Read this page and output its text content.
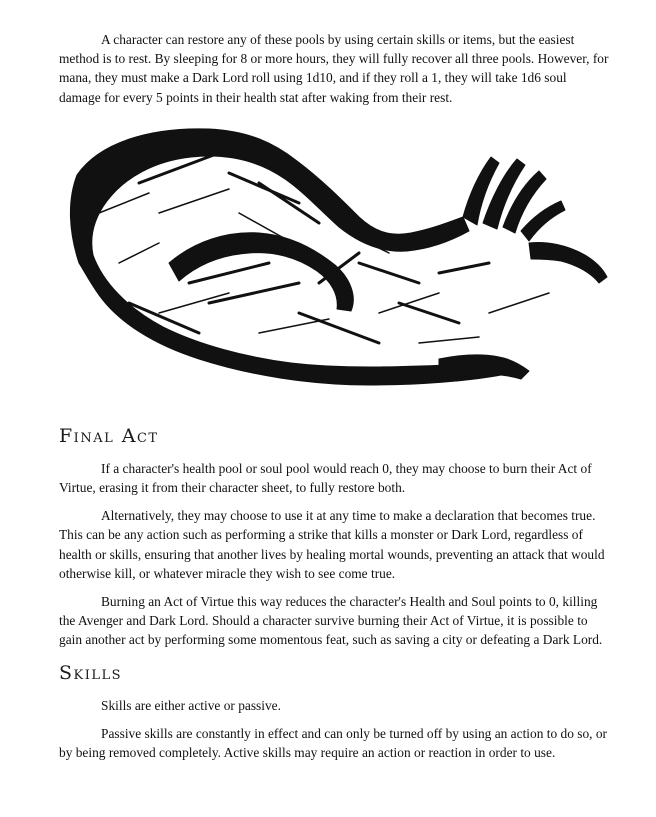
A character can restore any of these pools by using certain skills or items, but the easiest method is to rest. By sleeping for 8 or more hours, they will fully recover all three pools. However, for mana, they must make a Dark Lord roll using 1d10, and if they roll a 1, they will take 1d6 soul damage for every 5 points in their health stat after waking from their rest.

Final Act

If a character's health pool or soul pool would reach 0, they may choose to burn their Act of Virtue, erasing it from their character sheet, to fully restore both.

Alternatively, they may choose to use it at any time to make a declaration that becomes true. This can be any action such as performing a strike that kills a monster or Dark Lord, regardless of health or skills, ensuring that another lives by healing mortal wounds, preventing an attack that would otherwise kill, or whatever miracle they wish to see come true.

Burning an Act of Virtue this way reduces the character's Health and Soul points to 0, killing the Avenger and Dark Lord. Should a character survive burning their Act of Virtue, it is possible to gain another act by performing some momentous feat, such as saving a city or defeating a Dark Lord.

Skills

Skills are either active or passive.

Passive skills are constantly in effect and can only be turned off by using an action to do so, or by being removed completely. Active skills may require an action or reaction in order to use.
